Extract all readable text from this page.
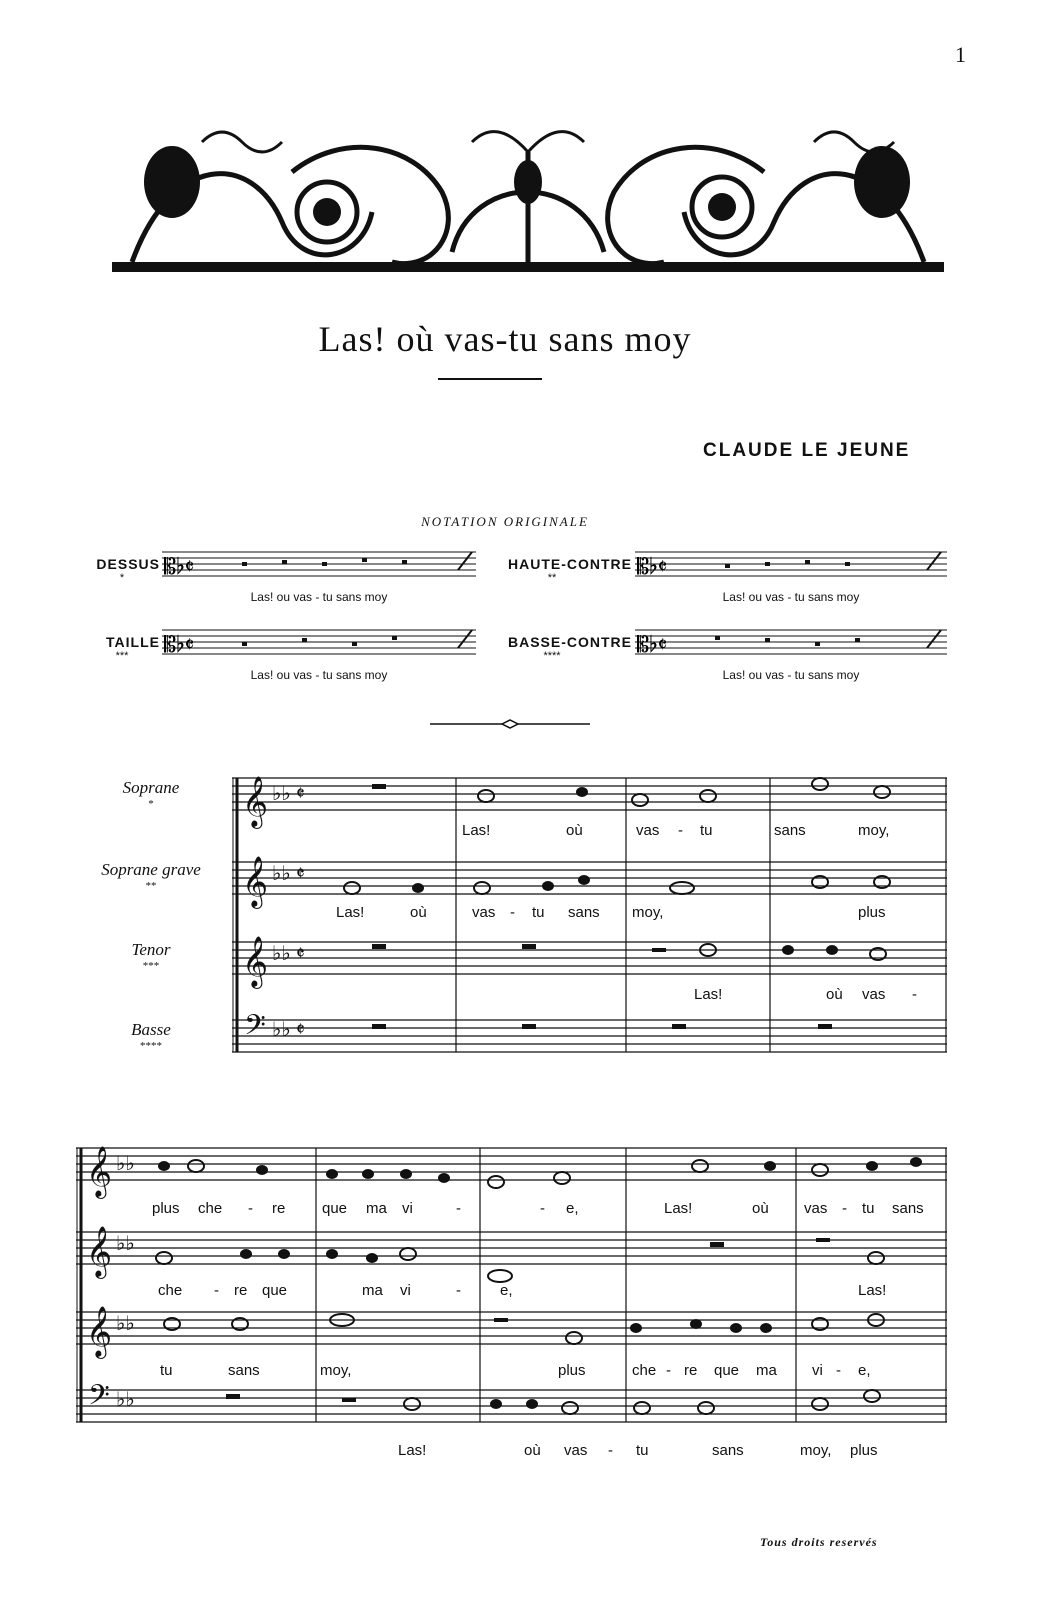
1
Las! où vas-tu sans moy
CLAUDE LE JEUNE
NOTATION ORIGINALE
DESSUS
*	𝄡♭𝄵
Las! ou vas - tu sans moy
HAUTE-CONTRE
**	𝄡♭𝄵
Las! ou vas - tu sans moy
TAILLE
***	𝄡♭𝄵
Las! ou vas - tu sans moy
BASSE-CONTRE
****	𝄡♭𝄵
Las! ou vas - tu sans moy
Soprane
*
Soprane grave
**
Tenor
***
Basse
****
𝄞
𝄞
𝄞
𝄢
♭♭ 𝄵
♭♭ 𝄵
♭♭ 𝄵
♭♭ 𝄵
Las!	où	vas - tu	sans	moy,
Las!	où	vas - tu sans moy,	plus
Las!	où vas -
𝄞
𝄞
𝄞
𝄢
♭♭
♭♭
♭♭
♭♭
plus che - re que ma vi	-	- e,	Las!	où vas - tu sans
che - re que	ma vi	-	e,	Las!
tu	sans	moy,	plus	che - re que ma vi - e,
Las!	où vas - tu	sans	moy, plus
Tous droits reservés
